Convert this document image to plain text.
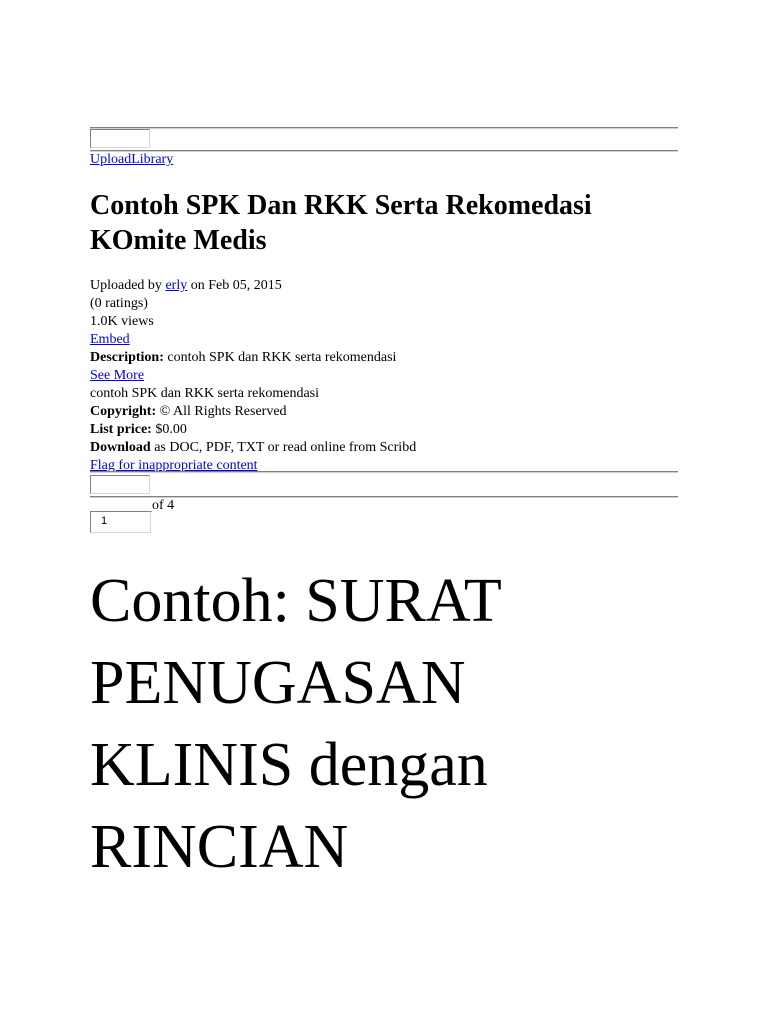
UploadLibrary
Contoh SPK Dan RKK Serta Rekomedasi KOmite Medis
Uploaded by erly on Feb 05, 2015
(0 ratings)
1.0K views
Embed
Description: contoh SPK dan RKK serta rekomendasi
See More
contoh SPK dan RKK serta rekomendasi
Copyright: © All Rights Reserved
List price: $0.00
Download as DOC, PDF, TXT or read online from Scribd
Flag for inappropriate content
of 4
1
Contoh: SURAT
PENUGASAN
KLINIS dengan
RINCIAN
